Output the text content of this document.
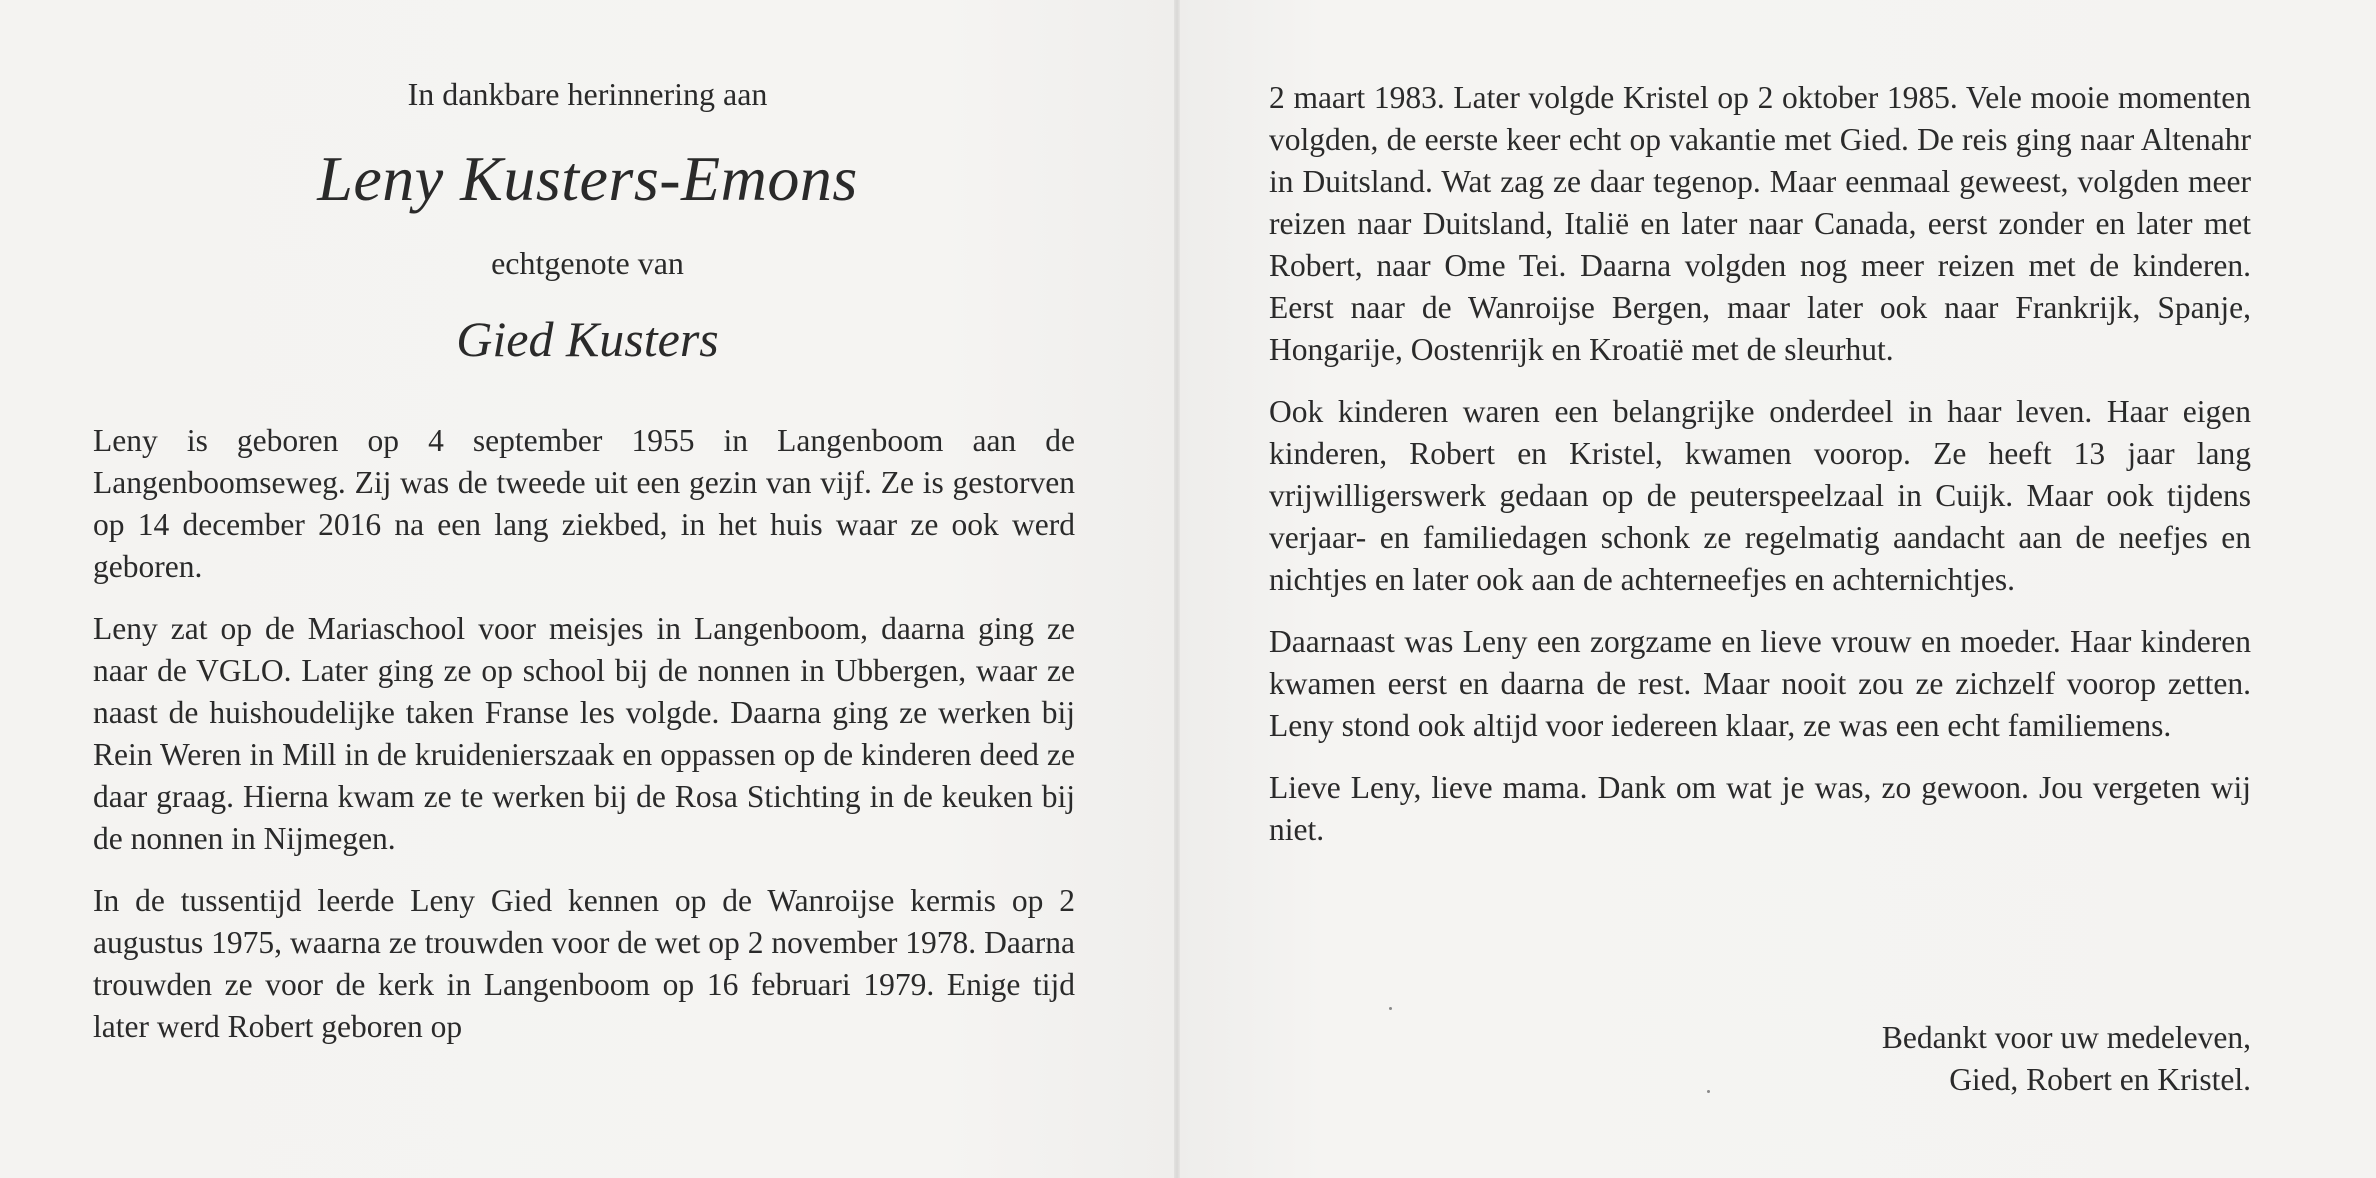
In dankbare herinnering aan
Leny Kusters-Emons
echtgenote van
Gied Kusters

Leny is geboren op 4 september 1955 in Langenboom aan de Langenboomseweg. Zij was de tweede uit een gezin van vijf. Ze is gestorven op 14 december 2016 na een lang ziekbed, in het huis waar ze ook werd geboren.

Leny zat op de Mariaschool voor meisjes in Langenboom, daarna ging ze naar de VGLO. Later ging ze op school bij de nonnen in Ubbergen, waar ze naast de huishoudelijke taken Franse les volgde. Daarna ging ze werken bij Rein Weren in Mill in de kruidenierszaak en oppassen op de kinderen deed ze daar graag. Hierna kwam ze te werken bij de Rosa Stichting in de keuken bij de nonnen in Nijmegen.

In de tussentijd leerde Leny Gied kennen op de Wanroijse kermis op 2 augustus 1975, waarna ze trouwden voor de wet op 2 november 1978. Daarna trouwden ze voor de kerk in Langenboom op 16 februari 1979. Enige tijd later werd Robert geboren op

2 maart 1983. Later volgde Kristel op 2 oktober 1985. Vele mooie momenten volgden, de eerste keer echt op vakantie met Gied. De reis ging naar Altenahr in Duitsland. Wat zag ze daar tegenop. Maar eenmaal geweest, volgden meer reizen naar Duitsland, Italië en later naar Canada, eerst zonder en later met Robert, naar Ome Tei. Daarna volgden nog meer reizen met de kinderen. Eerst naar de Wanroijse Bergen, maar later ook naar Frankrijk, Spanje, Hongarije, Oostenrijk en Kroatië met de sleurhut.

Ook kinderen waren een belangrijke onderdeel in haar leven. Haar eigen kinderen, Robert en Kristel, kwamen voorop. Ze heeft 13 jaar lang vrijwilligerswerk gedaan op de peuterspeelzaal in Cuijk. Maar ook tijdens verjaar- en familiedagen schonk ze regelmatig aandacht aan de neefjes en nichtjes en later ook aan de achterneefjes en achternichtjes.

Daarnaast was Leny een zorgzame en lieve vrouw en moeder. Haar kinderen kwamen eerst en daarna de rest. Maar nooit zou ze zichzelf voorop zetten. Leny stond ook altijd voor iedereen klaar, ze was een echt familiemens.

Lieve Leny, lieve mama. Dank om wat je was, zo gewoon. Jou vergeten wij niet.

Bedankt voor uw medeleven,
Gied, Robert en Kristel.
